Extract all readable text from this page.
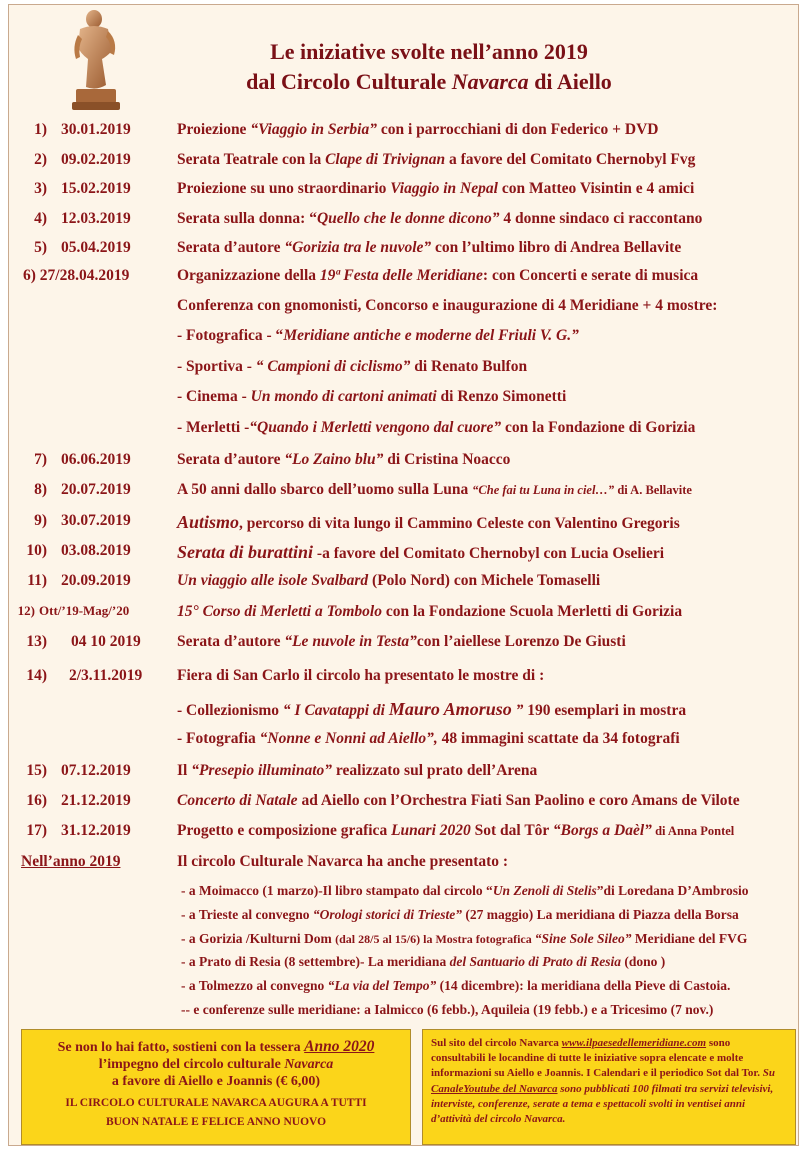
Le iniziative svolte nell’anno 2019
dal Circolo Culturale Navarca di Aiello
1) 30.01.2019	Proiezione “Viaggio in Serbia” con i parrocchiani di don Federico + DVD
2) 09.02.2019	Serata Teatrale con la Clape di Trivignan a favore del Comitato Chernobyl Fvg
3) 15.02.2019	Proiezione su uno straordinario Viaggio in Nepal con Matteo Visintin e 4 amici
4) 12.03.2019	Serata sulla donna: “Quello che le donne dicono” 4 donne sindaco ci raccontano
5) 05.04.2019	Serata d’autore “Gorizia tra le nuvole” con l’ultimo libro di Andrea Bellavite
6) 27/28.04.2019	Organizzazione della 19ª Festa delle Meridiane: con Concerti e serate di musica
Conferenza con gnomonisti, Concorso e inaugurazione di 4 Meridiane + 4 mostre:
- Fotografica - “Meridiane antiche e moderne del Friuli V. G.”
- Sportiva - “ Campioni di ciclismo” di Renato Bulfon
- Cinema - Un mondo di cartoni animati di Renzo Simonetti
- Merletti -“Quando i Merletti vengono dal cuore” con la Fondazione di Gorizia
7) 06.06.2019	Serata d’autore “Lo Zaino blu” di Cristina Noacco
8) 20.07.2019	A 50 anni dallo sbarco dell’uomo sulla Luna “Che fai tu Luna in ciel…” di A. Bellavite
9) 30.07.2019	Autismo, percorso di vita lungo il Cammino Celeste con Valentino Gregoris
10) 03.08.2019	Serata di burattini -a favore del Comitato Chernobyl con Lucia Oselieri
11) 20.09.2019	Un viaggio alle isole Svalbard (Polo Nord) con Michele Tomaselli
12) Ott/’19-Mag/’20	15° Corso di Merletti a Tombolo con la Fondazione Scuola Merletti di Gorizia
13) 04 10 2019 Serata d’autore “Le nuvole in Testa”con l’aiellese Lorenzo De Giusti
14) 2/3.11.2019 Fiera di San Carlo il circolo ha presentato le mostre di :
- Collezionismo “ I Cavatappi di Mauro Amoruso ” 190 esemplari in mostra
- Fotografia “Nonne e Nonni ad Aiello”, 48 immagini scattate da 34 fotografi
15) 07.12.2019	Il “Presepio illuminato” realizzato sul prato dell’Arena
16) 21.12.2019	Concerto di Natale ad Aiello con l’Orchestra Fiati San Paolino e coro Amans de Vilote
17) 31.12.2019	Progetto e composizione grafica Lunari 2020 Sot dal Tôr “Borgs a Daèl” di Anna Pontel
Nell’anno 2019	Il circolo Culturale Navarca ha anche presentato :
- a Moimacco (1 marzo)-Il libro stampato dal circolo “Un Zenoli di Stelis”di Loredana D’Ambrosio
- a Trieste al convegno “Orologi storici di Trieste” (27 maggio) La meridiana di Piazza della Borsa
- a Gorizia /Kulturni Dom (dal 28/5 al 15/6) la Mostra fotografica “Sine Sole Sileo” Meridiane del FVG
- a Prato di Resia (8 settembre)- La meridiana del Santuario di Prato di Resia (dono )
- a Tolmezzo al convegno “La via del Tempo” (14 dicembre): la meridiana della Pieve di Castoia.
-- e conferenze sulle meridiane: a Ialmicco (6 febb.), Aquileia (19 febb.) e a Tricesimo (7 nov.)
Se non lo hai fatto, sostieni con la tessera Anno 2020
l’impegno del circolo culturale Navarca
a favore di Aiello e Joannis (€ 6,00)
IL CIRCOLO CULTURALE NAVARCA AUGURA A TUTTI
BUON NATALE E FELICE ANNO NUOVO
Sul sito del circolo Navarca www.ilpaesedellemeridiane.com sono consultabili le locandine di tutte le iniziative sopra elencate e molte informazioni su Aiello e Joannis. I Calendari e il periodico Sot dal Tor. Su CanaleYoutube del Navarca sono pubblicati 100 filmati tra servizi televisivi, interviste, conferenze, serate a tema e spettacoli svolti in ventisei anni d’attività del circolo Navarca.
